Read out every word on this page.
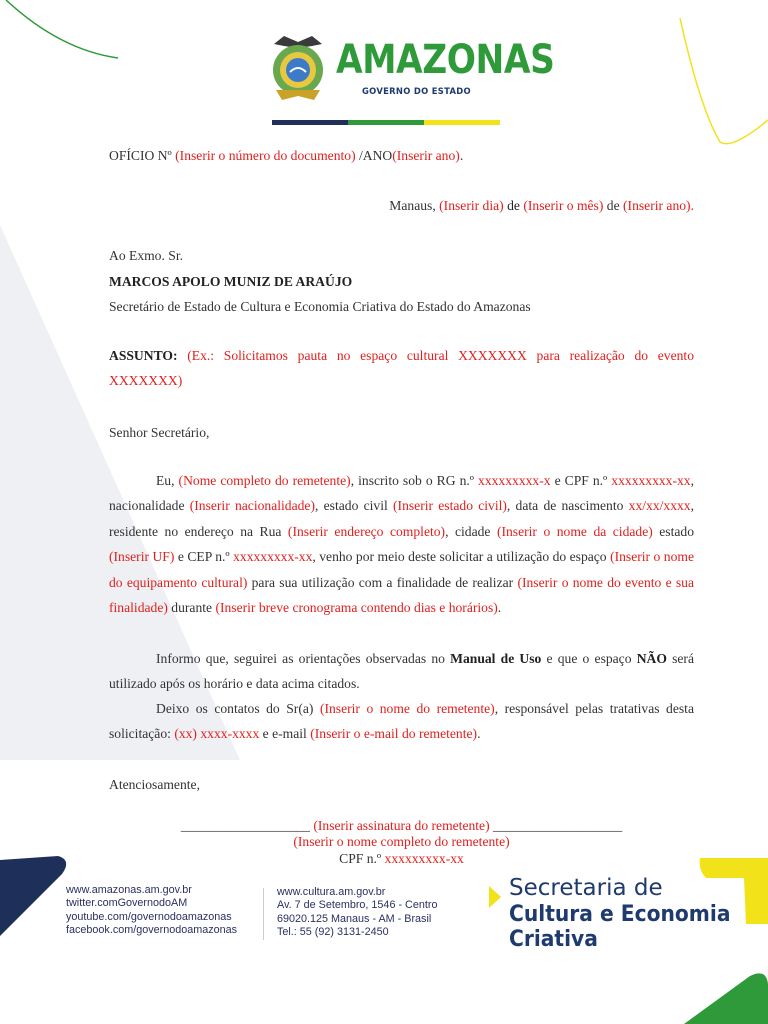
AMAZONAS
GOVERNO DO ESTADO
OFÍCIO Nº (Inserir o número do documento) /ANO(Inserir ano).
Manaus, (Inserir dia) de (Inserir o mês) de (Inserir ano).
Ao Exmo. Sr.
MARCOS APOLO MUNIZ DE ARAÚJO
Secretário de Estado de Cultura e Economia Criativa do Estado do Amazonas

ASSUNTO: (Ex.: Solicitamos pauta no espaço cultural XXXXXXX para realização do evento XXXXXXX)

Senhor Secretário,

Eu, (Nome completo do remetente), inscrito sob o RG n.º xxxxxxxxx-x e CPF n.º xxxxxxxxx-xx, nacionalidade (Inserir nacionalidade), estado civil (Inserir estado civil), data de nascimento xx/xx/xxxx, residente no endereço na Rua (Inserir endereço completo), cidade (Inserir o nome da cidade) estado (Inserir UF) e CEP n.º xxxxxxxxx-xx, venho por meio deste solicitar a utilização do espaço (Inserir o nome do equipamento cultural) para sua utilização com a finalidade de realizar (Inserir o nome do evento e sua finalidade) durante (Inserir breve cronograma contendo dias e horários).

Informo que, seguirei as orientações observadas no Manual de Uso e que o espaço NÃO será utilizado após os horário e data acima citados.

Deixo os contatos do Sr(a) (Inserir o nome do remetente), responsável pelas tratativas desta solicitação: (xx) xxxx-xxxx e e-mail (Inserir o e-mail do remetente).

Atenciosamente,
___________________ (Inserir assinatura do remetente) ___________________
(Inserir o nome completo do remetente)
CPF n.º xxxxxxxxx-xx
www.amazonas.am.gov.br
twitter.comGovernodoAM
youtube.com/governodoamazonas
facebook.com/governodoamazonas
www.cultura.am.gov.br
Av. 7 de Setembro, 1546 - Centro
69020.125 Manaus - AM - Brasil
Tel.: 55 (92) 3131-2450
Secretaria de
Cultura e Economia
Criativa
